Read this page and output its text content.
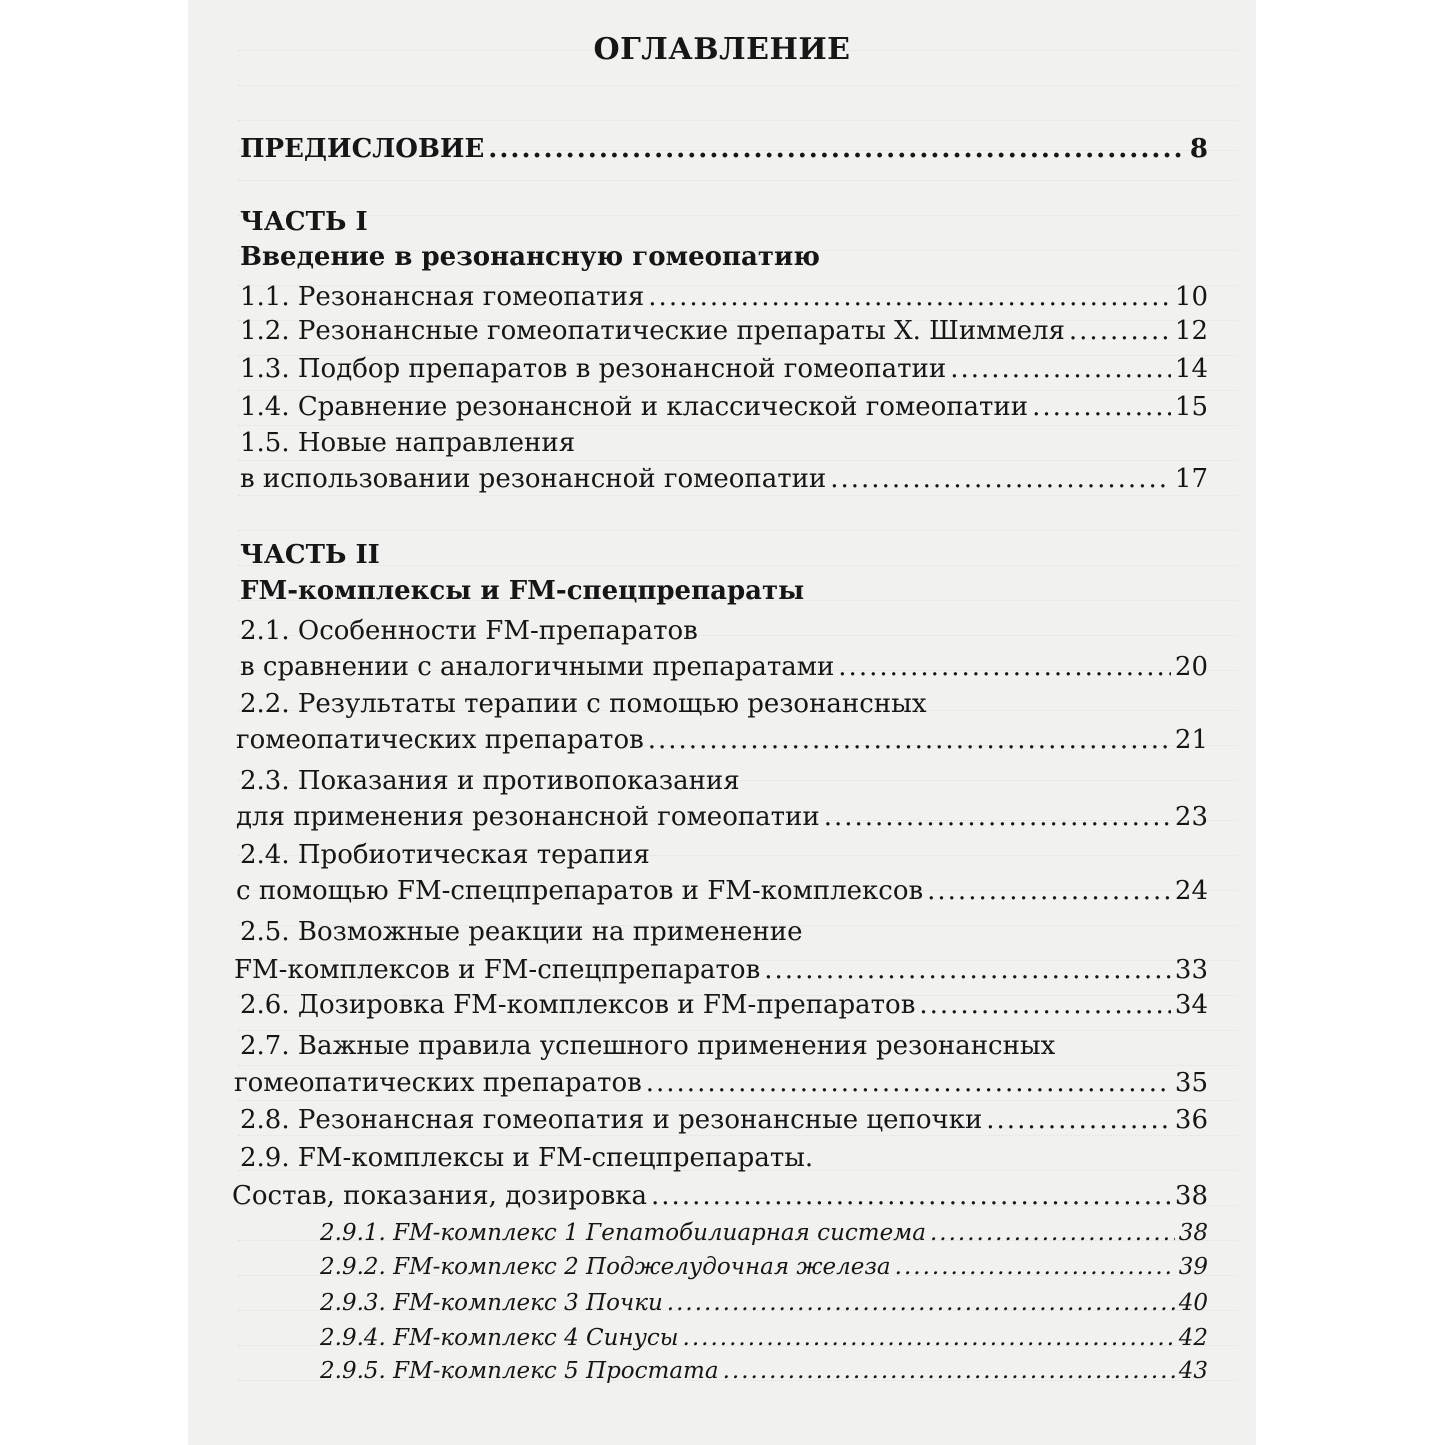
ОГЛАВЛЕНИЕ
ПРЕДИСЛОВИЕ .....	8
ЧАСТЬ I
Введение в резонансную гомеопатию
1.1. Резонансная гомеопатия .....	10
1.2. Резонансные гомеопатические препараты Х. Шиммеля .....	12
1.3. Подбор препаратов в резонансной гомеопатии .....	14
1.4. Сравнение резонансной и классической гомеопатии .....	15
1.5. Новые направления
в использовании резонансной гомеопатии .....	17
ЧАСТЬ II
FM-комплексы и FM-спецпрепараты
2.1. Особенности FM-препаратов
в сравнении с аналогичными препаратами .....	20
2.2. Результаты терапии с помощью резонансных
гомеопатических препаратов .....	21
2.3. Показания и противопоказания
для применения резонансной гомеопатии .....	23
2.4. Пробиотическая терапия
с помощью FM-спецпрепаратов и FM-комплексов .....	24
2.5. Возможные реакции на применение
FM-комплексов и FM-спецпрепаратов .....	33
2.6. Дозировка FM-комплексов и FM-препаратов .....	34
2.7. Важные правила успешного применения резонансных
гомеопатических препаратов .....	35
2.8. Резонансная гомеопатия и резонансные цепочки .....	36
2.9. FM-комплексы и FM-спецпрепараты.
Состав, показания, дозировка .....	38
2.9.1. FM-комплекс 1 Гепатобилиарная система .....	38
2.9.2. FM-комплекс 2 Поджелудочная железа .....	39
2.9.3. FM-комплекс 3 Почки .....	40
2.9.4. FM-комплекс 4 Синусы .....	42
2.9.5. FM-комплекс 5 Простата .....	43
